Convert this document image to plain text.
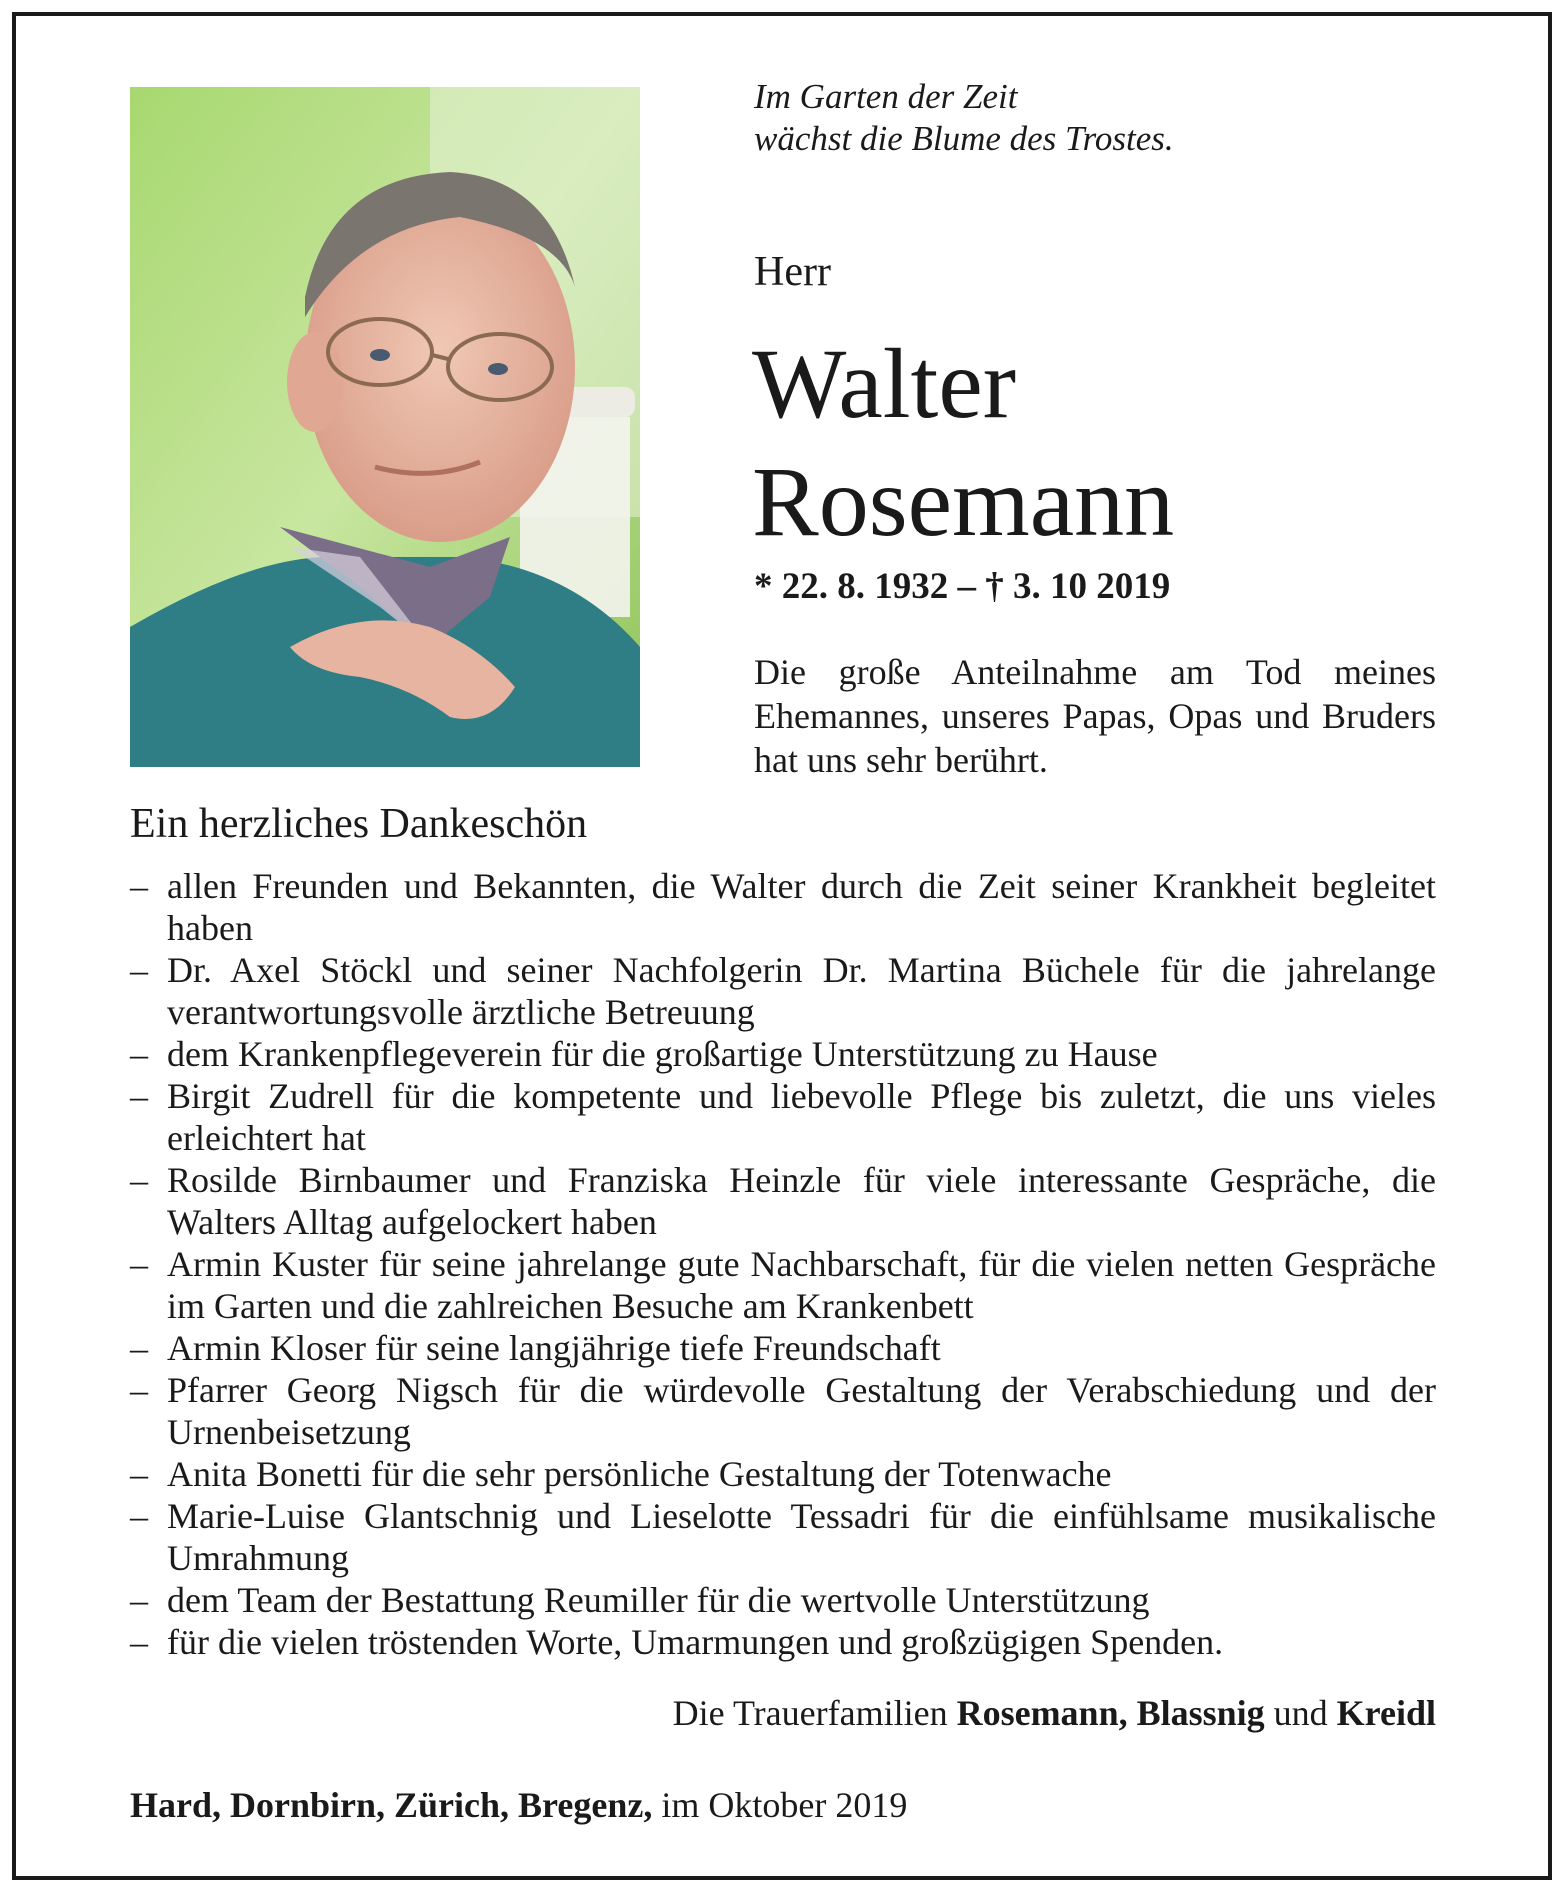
Im Garten der Zeit
wächst die Blume des Trostes.

Herr

Walter
Rosemann

* 22. 8. 1932 – † 3. 10 2019

Die große Anteilnahme am Tod meines Ehemannes, unseres Papas, Opas und Bruders hat uns sehr berührt.

Ein herzliches Dankeschön
– allen Freunden und Bekannten, die Walter durch die Zeit seiner Krankheit begleitet haben
– Dr. Axel Stöckl und seiner Nachfolgerin Dr. Martina Büchele für die jahrelange verantwortungsvolle ärztliche Betreuung
– dem Krankenpflegeverein für die großartige Unterstützung zu Hause
– Birgit Zudrell für die kompetente und liebevolle Pflege bis zuletzt, die uns vieles erleichtert hat
– Rosilde Birnbaumer und Franziska Heinzle für viele interessante Gespräche, die Walters Alltag aufgelockert haben
– Armin Kuster für seine jahrelange gute Nachbarschaft, für die vielen netten Gespräche im Garten und die zahlreichen Besuche am Krankenbett
– Armin Kloser für seine langjährige tiefe Freundschaft
– Pfarrer Georg Nigsch für die würdevolle Gestaltung der Verabschiedung und der Urnenbeisetzung
– Anita Bonetti für die sehr persönliche Gestaltung der Totenwache
– Marie-Luise Glantschnig und Lieselotte Tessadri für die einfühlsame musikalische Umrahmung
– dem Team der Bestattung Reumiller für die wertvolle Unterstützung
– für die vielen tröstenden Worte, Umarmungen und großzügigen Spenden.

Die Trauerfamilien Rosemann, Blassnig und Kreidl

Hard, Dornbirn, Zürich, Bregenz, im Oktober 2019
